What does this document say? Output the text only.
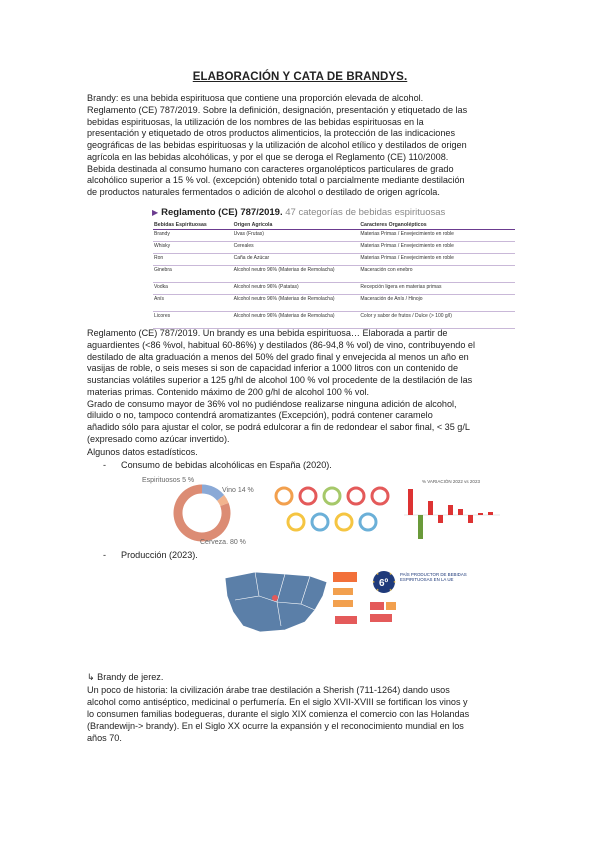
ELABORACIÓN Y CATA DE BRANDYS.

Brandy: es una bebida espirituosa que contiene una proporción elevada de alcohol.

Reglamento (CE) 787/2019. Sobre la definición, designación, presentación y etiquetado de las

bebidas espirituosas, la utilización de los nombres de las bebidas espirituosas en la

presentación y etiquetado de otros productos alimenticios, la protección de las indicaciones

geográficas de las bebidas espirituosas y la utilización de alcohol etílico y destilados de origen

agrícola en las bebidas alcohólicas, y por el que se deroga el Reglamento (CE) 110/2008.

Bebida destinada al consumo humano con caracteres organolépticos particulares de grado

alcohólico superior a 15 % vol. (excepción) obtenido total o parcialmente mediante destilación

de productos naturales fermentados o adición de alcohol o destilado de origen agrícola.

▶ Reglamento (CE) 787/2019. 47 categorías de bebidas espirituosas
Bebidas Espirituosas	Origen Agrícola	Caracteres Organolépticos
Brandy	Uvas (Frutas)	Materias Primas / Envejecimiento en roble
Whisky	Cereales	Materias Primas / Envejecimiento en roble
Ron	Caña de Azúcar	Materias Primas / Envejecimiento en roble
Ginebra	Alcohol neutro 96% (Materias de Remolacha)	Maceración con enebro
Vodka	Alcohol neutro 96% (Patatas)	Recepción ligera en materias primas
Anís	Alcohol neutro 96% (Materias de Remolacha)	Maceración de Anís / Hinojo
Licores	Alcohol neutro 96% (Materias de Remolacha)	Color y sabor de frutos / Dulce (> 100 g/l)

Reglamento (CE) 787/2019. Un brandy es una bebida espirituosa… Elaborada a partir de

aguardientes (<86 %vol, habitual 60-86%) y destilados (86-94,8 % vol) de vino, contribuyendo el

destilado de alta graduación a menos del 50% del grado final y envejecida al menos un año en

vasijas de roble, o seis meses si son de capacidad inferior a 1000 litros con un contenido de

sustancias volátiles superior a 125 g/hl de alcohol 100 % vol procedente de la destilación de las

materias primas. Contenido máximo de 200 g/hl de alcohol 100 % vol.

Grado de consumo mayor de 36% vol no pudiéndose realizarse ninguna adición de alcohol,

diluido o no, tampoco contendrá aromatizantes (Excepción), podrá contener caramelo

añadido sólo para ajustar el color, se podrá edulcorar a fin de redondear el sabor final, < 35 g/L

(expresado como azúcar invertido).

Algunos datos estadísticos.
- Consumo de bebidas alcohólicas en España (2020).
Espirituosos 5 %
Vino 14 %
Cerveza. 80 %
% VARIACIÓN 2022 vs 2023
- Producción (2023).
★	★
★	★
★	★
6º
PAÍS PRODUCTOR DE BEBIDAS ESPIRITUOSAS EN LA UE
↳ Brandy de jerez.

Un poco de historia: la civilización árabe trae destilación a Sherish (711-1264) dando usos

alcohol como antiséptico, medicinal o perfumería. En el siglo XVII-XVIII se fortifican los vinos y

lo consumen familias bodegueras, durante el siglo XIX comienza el comercio con las Holandas

(Brandewijn-> brandy). En el Siglo XX ocurre la expansión y el reconocimiento mundial en los

años 70.
